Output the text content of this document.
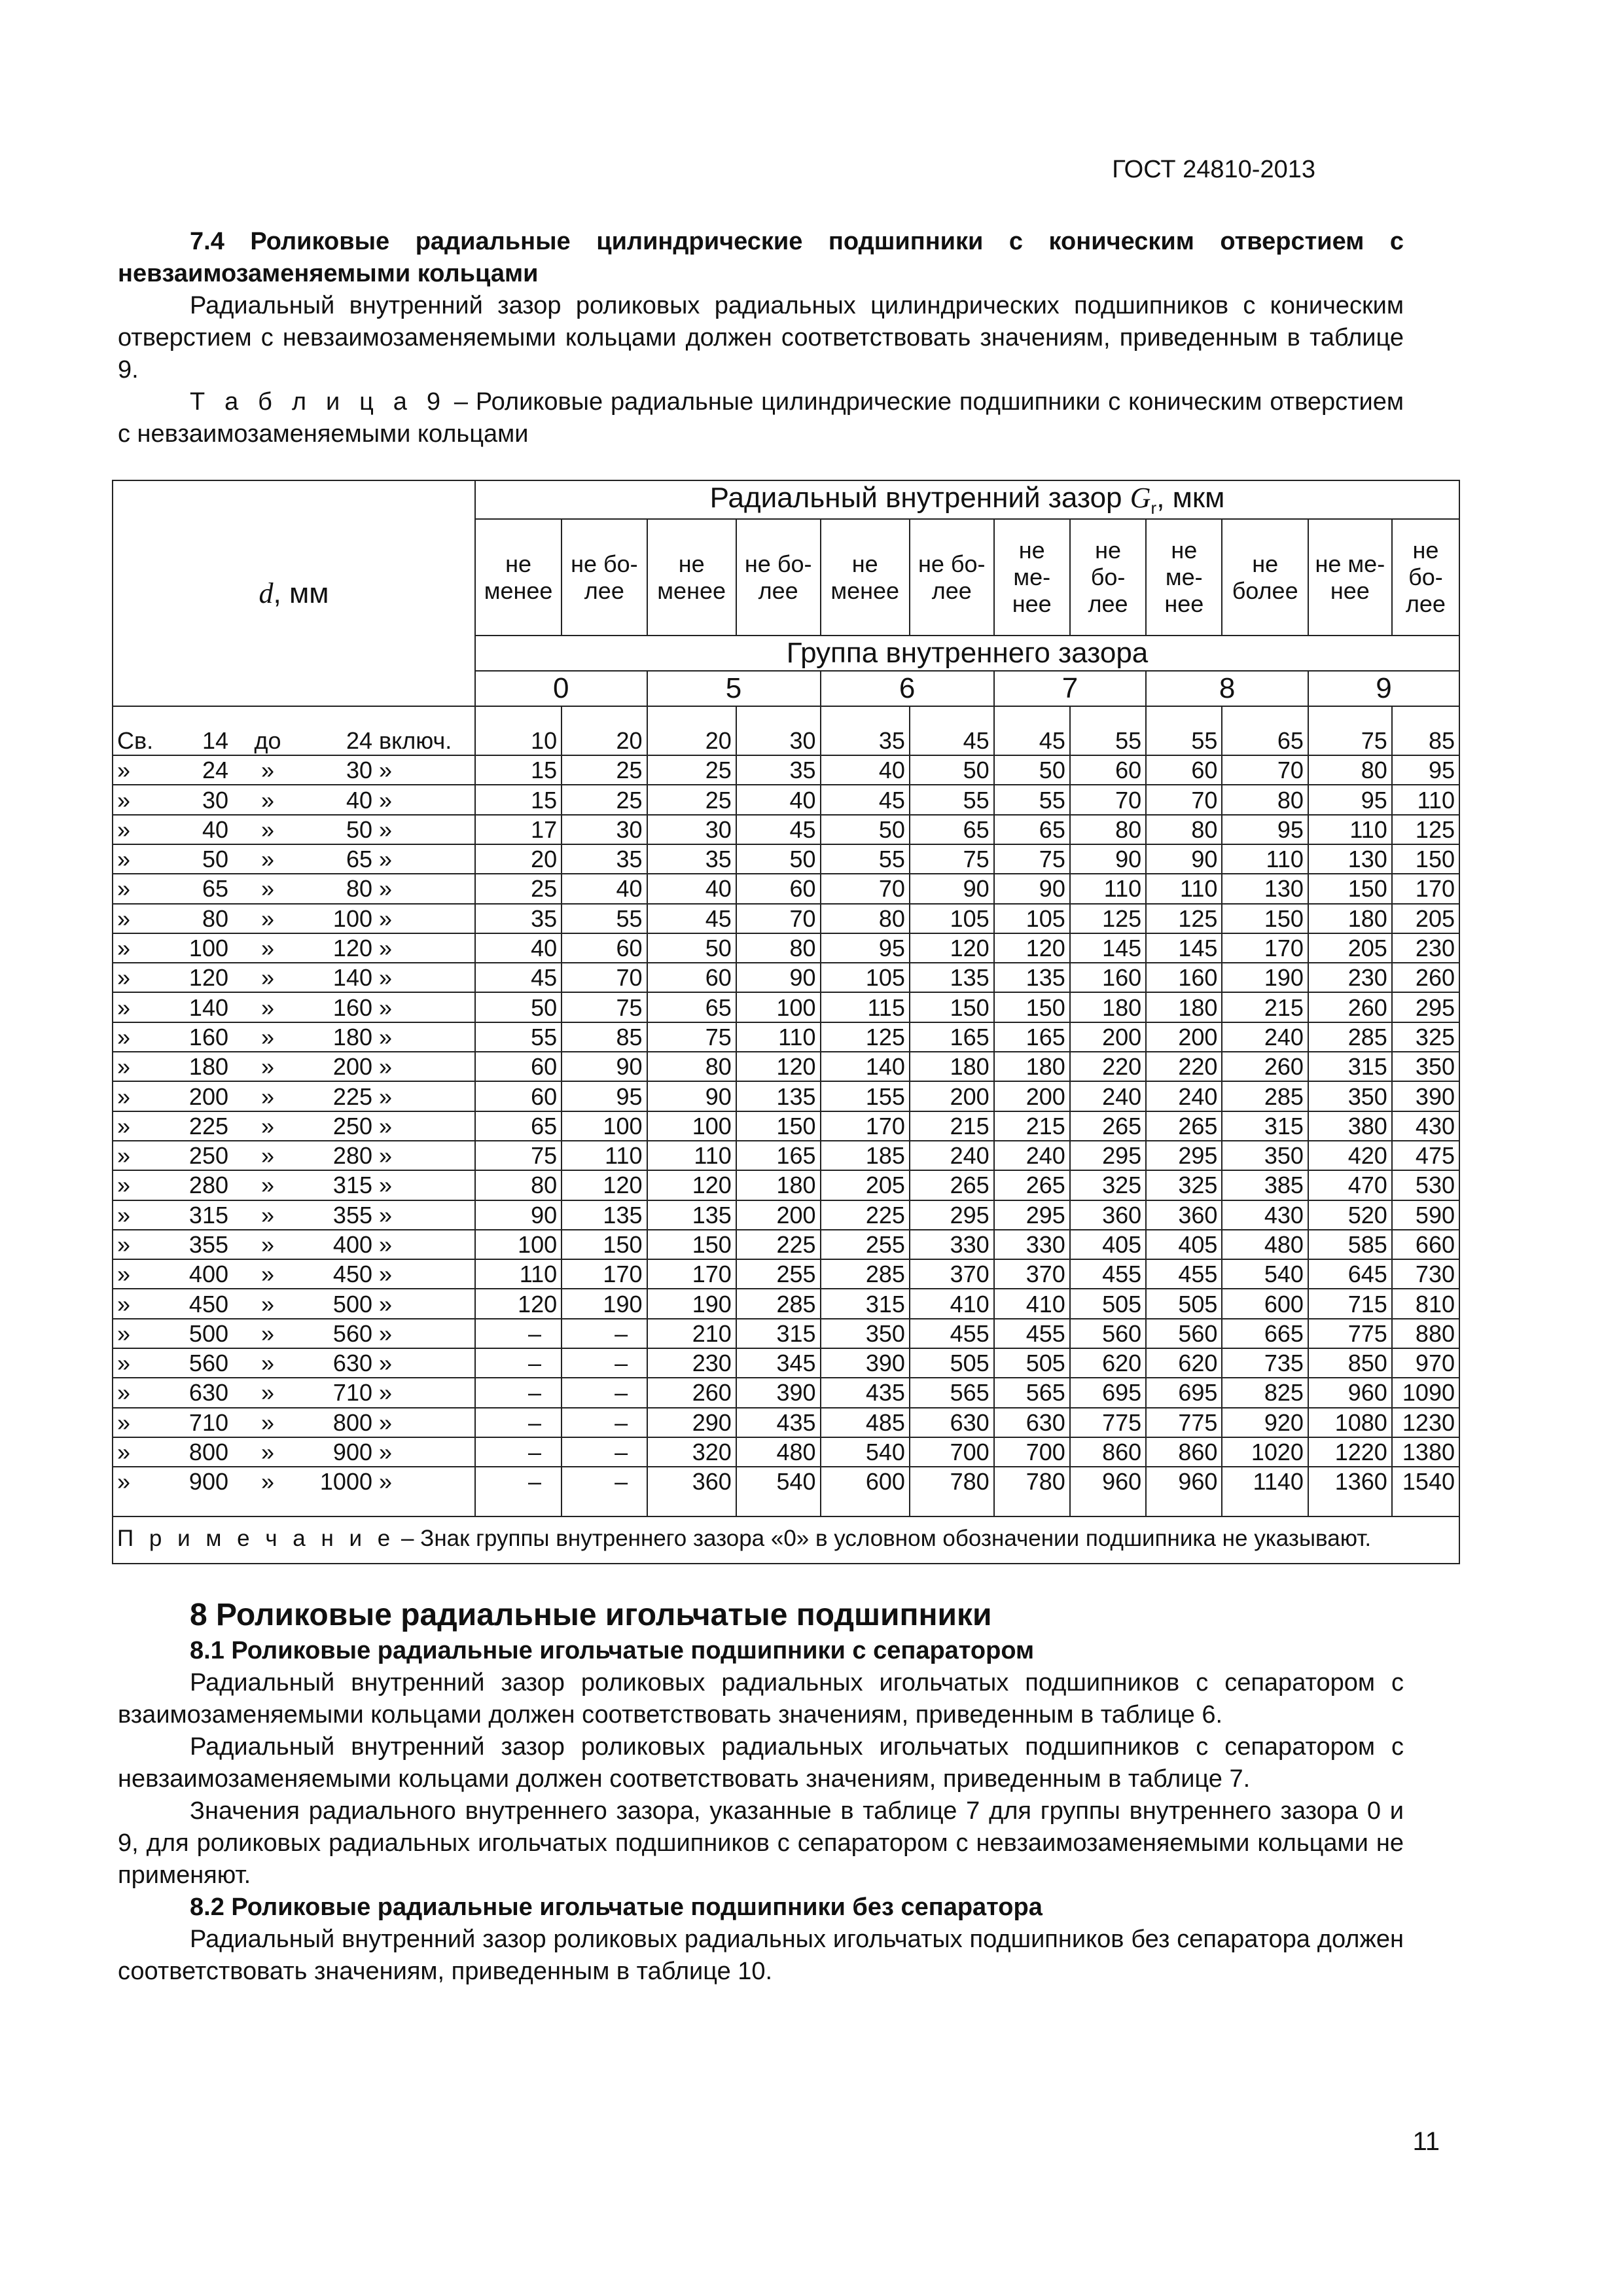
ГОСТ 24810-2013

7.4 Роликовые радиальные цилиндрические подшипники с коническим отверстием с невзаимозаменяемыми кольцами

Радиальный внутренний зазор роликовых радиальных цилиндрических подшипников с коническим отверстием с невзаимозаменяемыми кольцами должен соответствовать значениям, приведенным в таблице 9.

Т а б л и ц а 9 – Роликовые радиальные цилиндрические подшипники с коническим отверстием с невзаимозаменяемыми кольцами

d, мм	Радиальный внутренний зазор $G_r$, мкм											
	не менее	не бо-лее	не менее	не бо-лее	не менее	не бо-лее	не ме-нее	не бо-лее	не ме-нее	не более	не ме-нее	не бо-лее
	Группа внутреннего зазора											
	0		5		6		7		8		9	

Св. 14 до 24 включ.	10	20	20	30	35	45	45	55	55	65	75	85

» 24 » 30 »	15	25	25	35	40	50	50	60	60	70	80	95

» 30 » 40 »	15	25	25	40	45	55	55	70	70	80	95	110

» 40 » 50 »	17	30	30	45	50	65	65	80	80	95	110	125

» 50 » 65 »	20	35	35	50	55	75	75	90	90	110	130	150

» 65 » 80 »	25	40	40	60	70	90	90	110	110	130	150	170

» 80 » 100 »	35	55	45	70	80	105	105	125	125	150	180	205

» 100 » 120 »	40	60	50	80	95	120	120	145	145	170	205	230

» 120 » 140 »	45	70	60	90	105	135	135	160	160	190	230	260

» 140 » 160 »	50	75	65	100	115	150	150	180	180	215	260	295

» 160 » 180 »	55	85	75	110	125	165	165	200	200	240	285	325

» 180 » 200 »	60	90	80	120	140	180	180	220	220	260	315	350

» 200 » 225 »	60	95	90	135	155	200	200	240	240	285	350	390

» 225 » 250 »	65	100	100	150	170	215	215	265	265	315	380	430

» 250 » 280 »	75	110	110	165	185	240	240	295	295	350	420	475

» 280 » 315 »	80	120	120	180	205	265	265	325	325	385	470	530

» 315 » 355 »	90	135	135	200	225	295	295	360	360	430	520	590

» 355 » 400 »	100	150	150	225	255	330	330	405	405	480	585	660

» 400 » 450 »	110	170	170	255	285	370	370	455	455	540	645	730

» 450 » 500 »	120	190	190	285	315	410	410	505	505	600	715	810

» 500 » 560 »	–	–	210	315	350	455	455	560	560	665	775	880

» 560 » 630 »	–	–	230	345	390	505	505	620	620	735	850	970

» 630 » 710 »	–	–	260	390	435	565	565	695	695	825	960	1090

» 710 » 800 »	–	–	290	435	485	630	630	775	775	920	1080	1230

» 800 » 900 »	–	–	320	480	540	700	700	860	860	1020	1220	1380

» 900 » 1000 »	–	–	360	540	600	780	780	960	960	1140	1360	1540
П р и м е ч а н и е – Знак группы внутреннего зазора «0» в условном обозначении подшипника не указывают.												

8 Роликовые радиальные игольчатые подшипники

8.1 Роликовые радиальные игольчатые подшипники с сепаратором

Радиальный внутренний зазор роликовых радиальных игольчатых подшипников с сепаратором с взаимозаменяемыми кольцами должен соответствовать значениям, приведенным в таблице 6.

Радиальный внутренний зазор роликовых радиальных игольчатых подшипников с сепаратором с невзаимозаменяемыми кольцами должен соответствовать значениям, приведенным в таблице 7.

Значения радиального внутреннего зазора, указанные в таблице 7 для группы внутреннего зазора 0 и 9, для роликовых радиальных игольчатых подшипников с сепаратором с невзаимозаменяемыми кольцами не применяют.

8.2 Роликовые радиальные игольчатые подшипники без сепаратора

Радиальный внутренний зазор роликовых радиальных игольчатых подшипников без сепаратора должен соответствовать значениям, приведенным в таблице 10.

11
